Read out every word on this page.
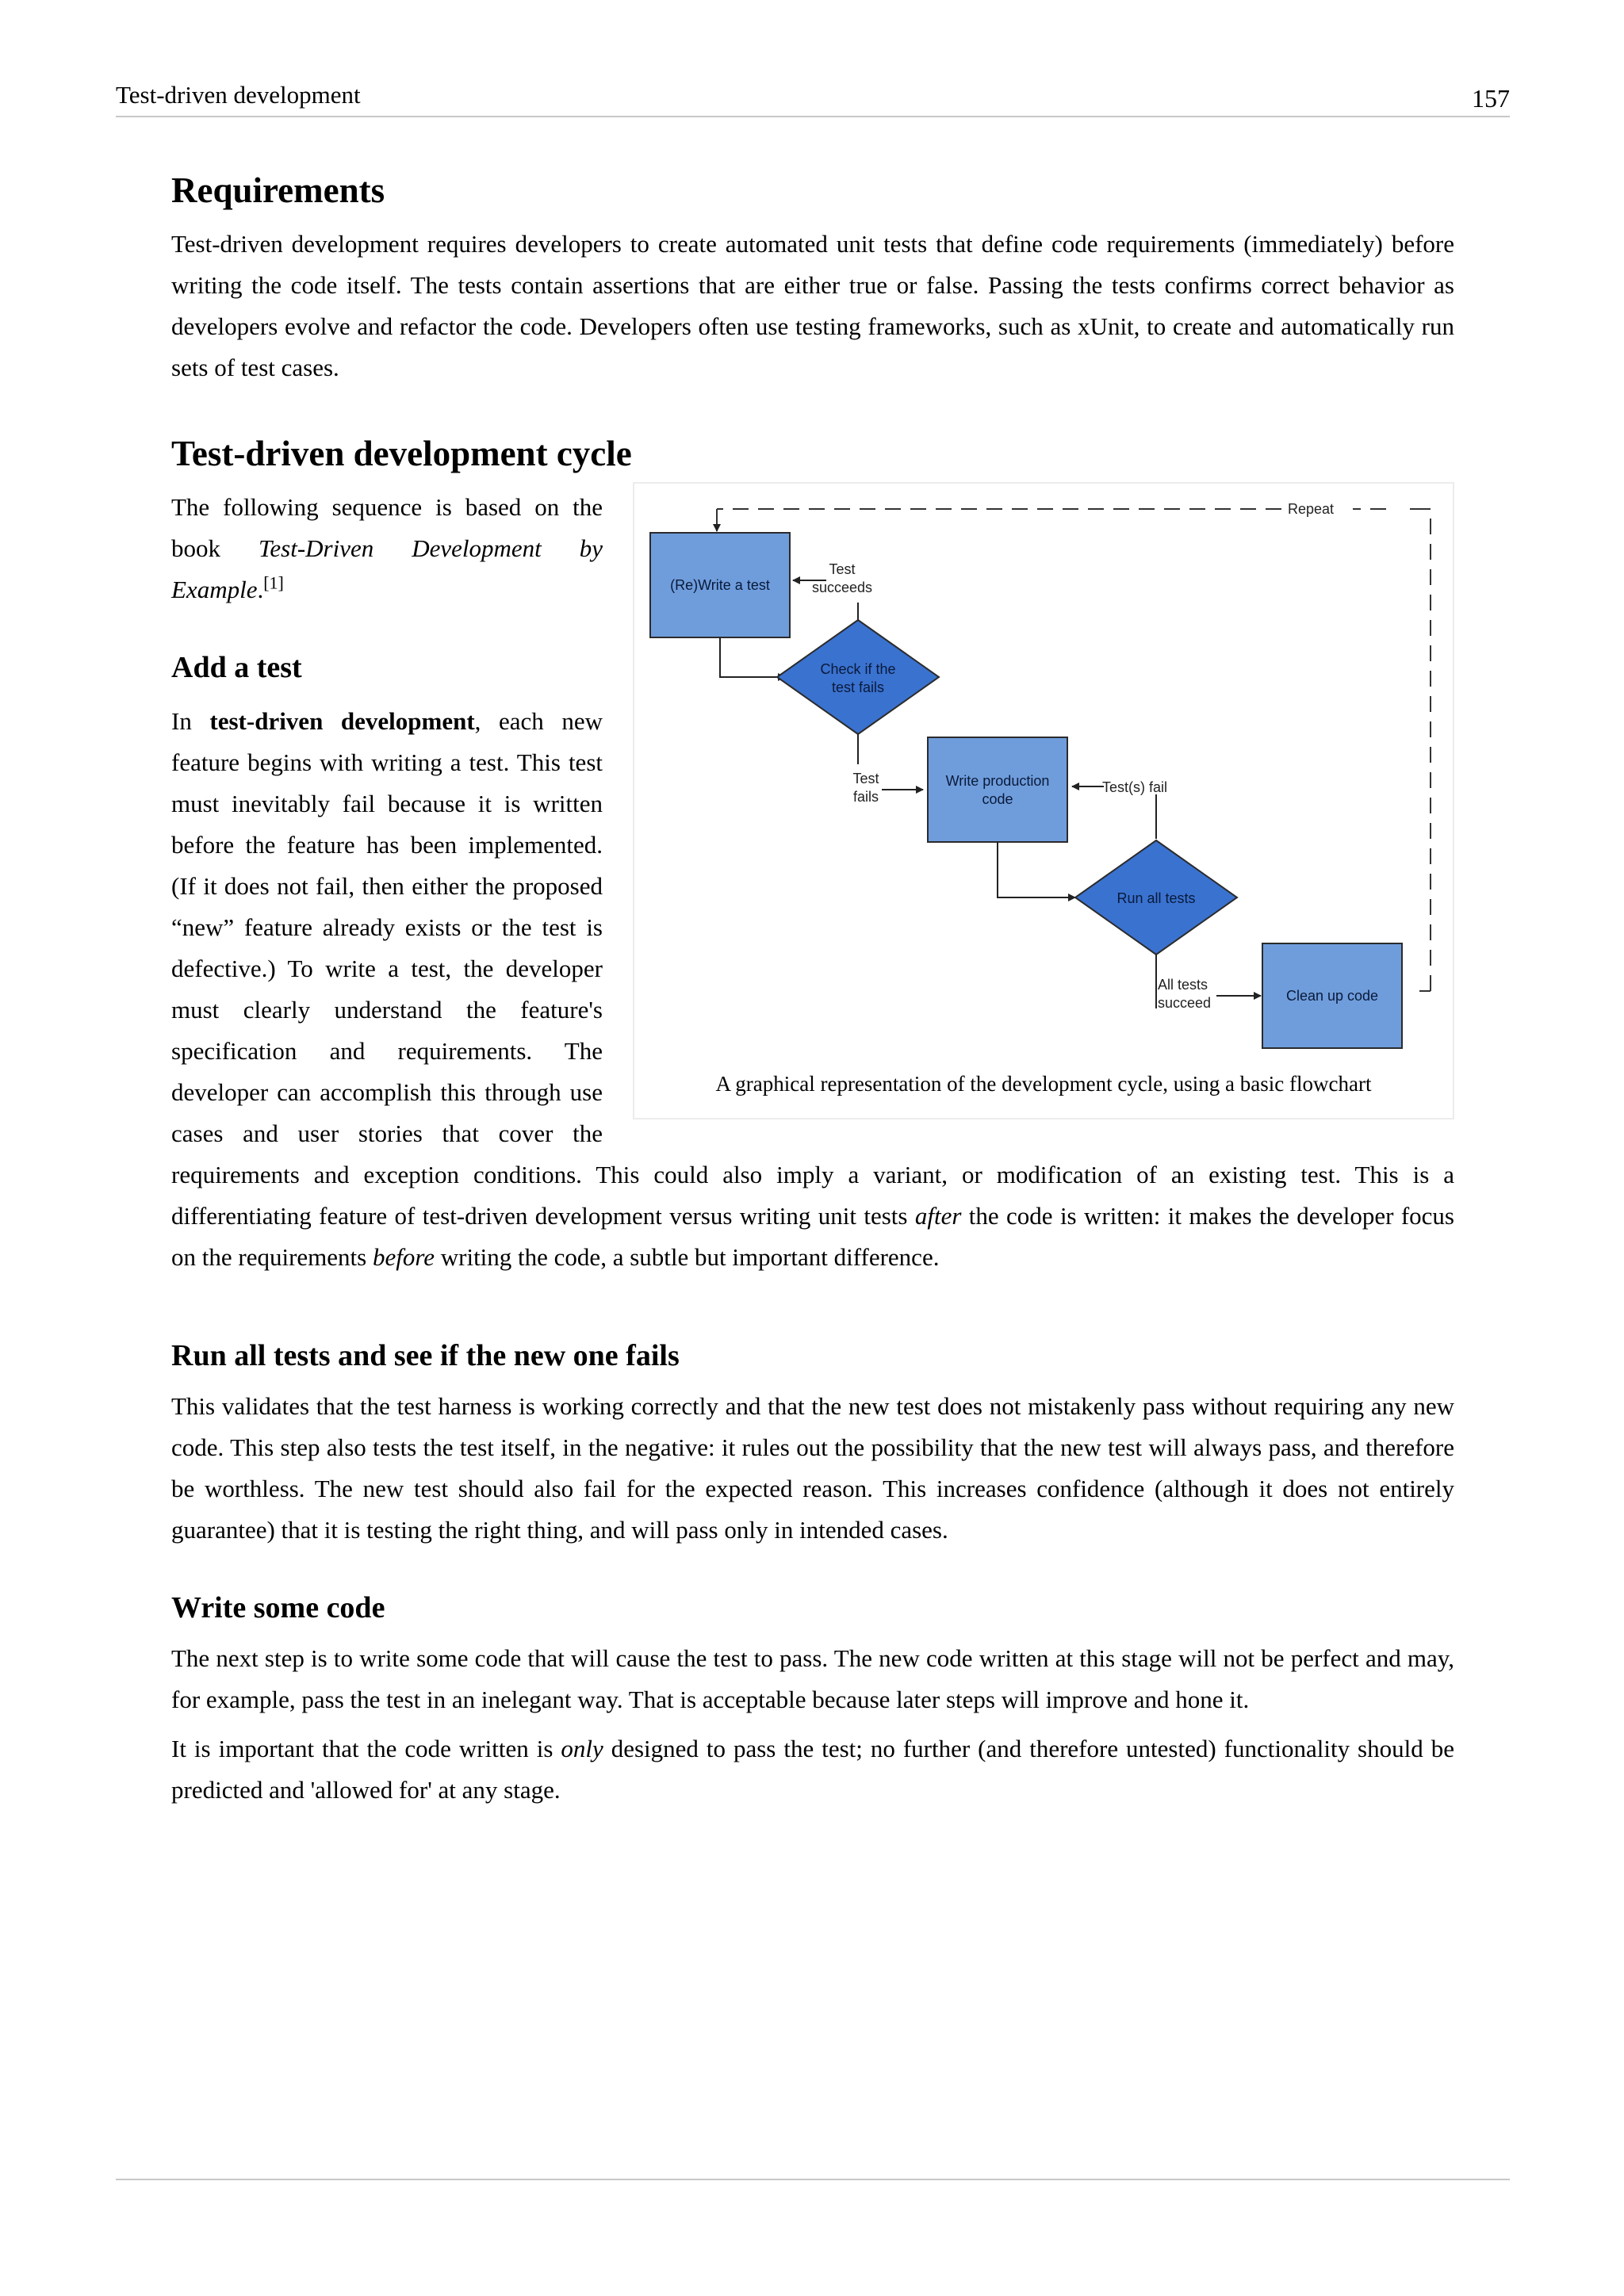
Test-driven development	157
Requirements

Test-driven development requires developers to create automated unit tests that define code requirements (immediately) before writing the code itself. The tests contain assertions that are either true or false. Passing the tests confirms correct behavior as developers evolve and refactor the code. Developers often use testing frameworks, such as xUnit, to create and automatically run sets of test cases.

Test-driven development cycle
Repeat
(Re)Write a test
Test
succeeds
Check if the
test fails
Test
fails
Write production
code
Test(s) fail
Run all tests
All tests
succeed	Clean up code
A graphical representation of the development cycle, using a basic flowchart

The following sequence is based on the book Test-Driven Development by Example.[1]

Add a test

In test-driven development, each new feature begins with writing a test. This test must inevitably fail because it is written before the feature has been implemented. (If it does not fail, then either the proposed “new” feature already exists or the test is defective.) To write a test, the developer must clearly understand the feature's specification and requirements. The developer can accomplish this through use cases and user stories that cover the requirements and exception conditions. This could also imply a variant, or modification of an existing test. This is a differentiating feature of test-driven development versus writing unit tests after the code is written: it makes the developer focus on the requirements before writing the code, a subtle but important difference.

Run all tests and see if the new one fails

This validates that the test harness is working correctly and that the new test does not mistakenly pass without requiring any new code. This step also tests the test itself, in the negative: it rules out the possibility that the new test will always pass, and therefore be worthless. The new test should also fail for the expected reason. This increases confidence (although it does not entirely guarantee) that it is testing the right thing, and will pass only in intended cases.

Write some code

The next step is to write some code that will cause the test to pass. The new code written at this stage will not be perfect and may, for example, pass the test in an inelegant way. That is acceptable because later steps will improve and hone it.

It is important that the code written is only designed to pass the test; no further (and therefore untested) functionality should be predicted and 'allowed for' at any stage.
